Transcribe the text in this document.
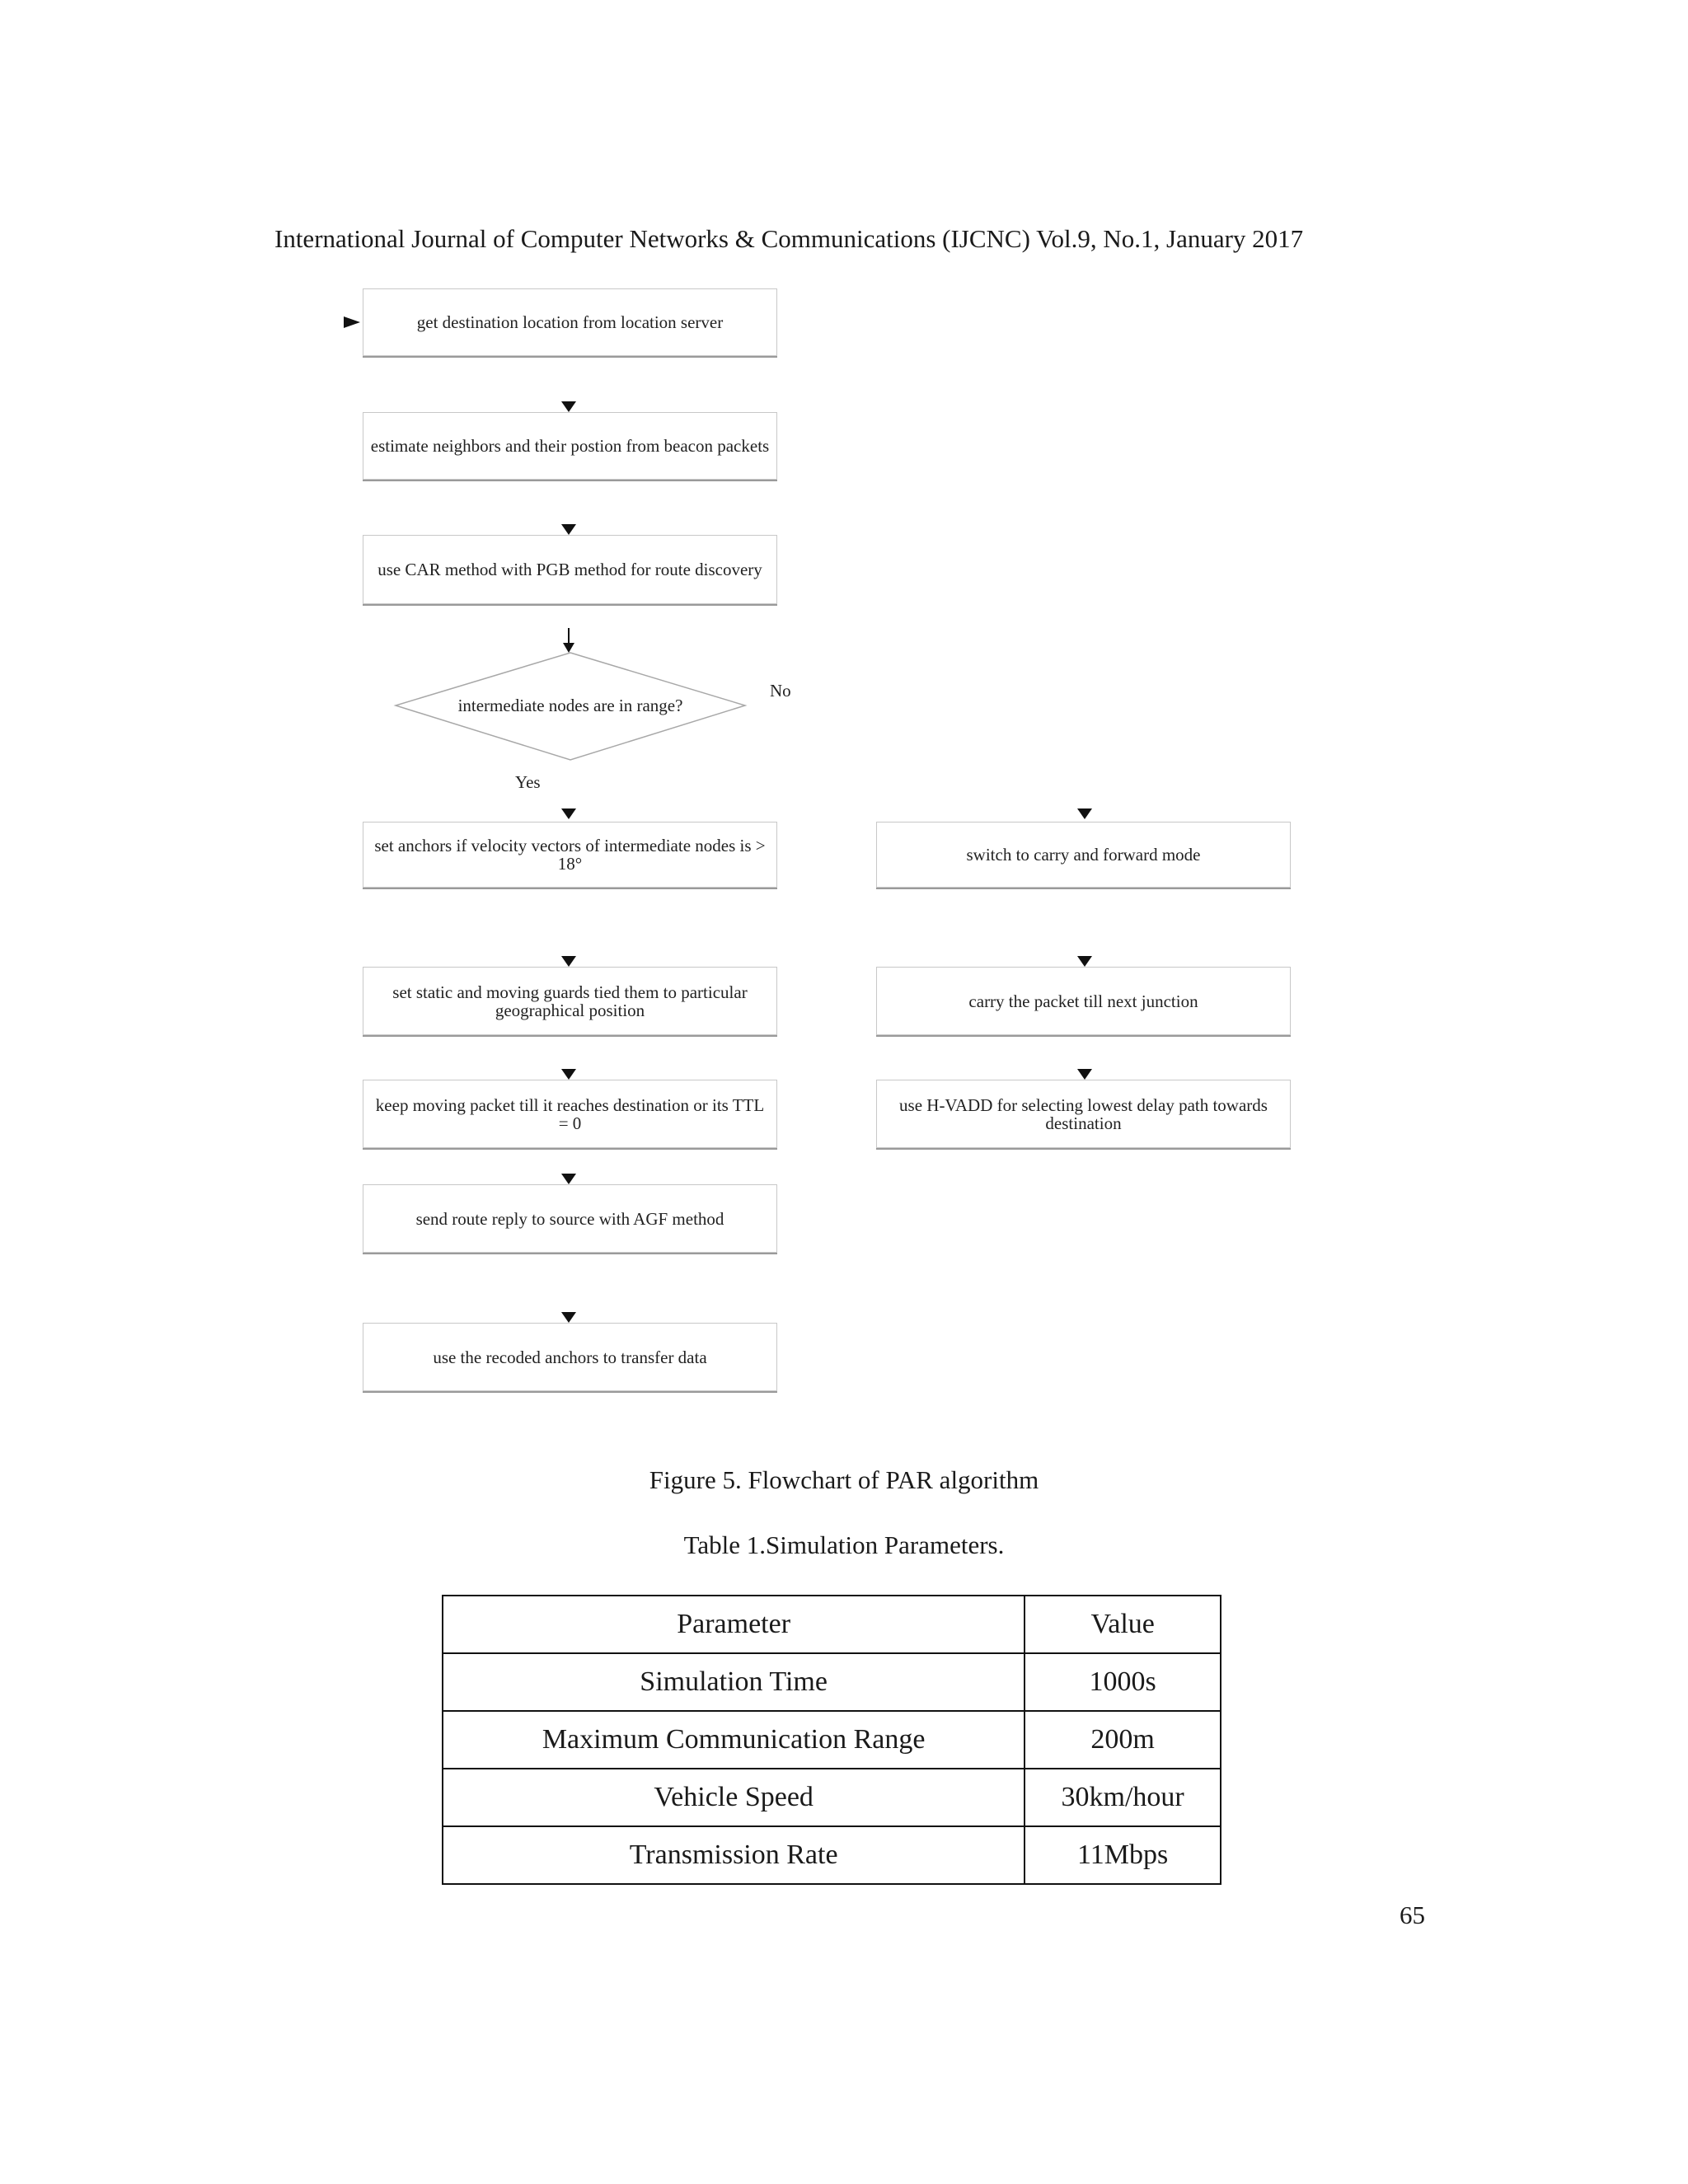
International Journal of Computer Networks & Communications (IJCNC) Vol.9, No.1, January 2017
get destination location from location server
estimate neighbors and their postion from beacon packets
use CAR method with PGB method for route discovery
intermediate nodes are in range?
No
Yes
set anchors if velocity vectors of intermediate nodes is > 18°
set static and moving guards tied them to particular geographical position
keep moving packet till it reaches destination or its TTL = 0
send route reply to source with AGF method
use the recoded anchors to transfer data
switch to carry and forward mode
carry the packet till next junction
use H-VADD for selecting lowest delay path towards destination
Figure 5. Flowchart of PAR algorithm
Table 1.Simulation Parameters.
Parameter	Value
Simulation Time	1000s
Maximum Communication Range	200m
Vehicle Speed	30km/hour
Transmission Rate	11Mbps
65
